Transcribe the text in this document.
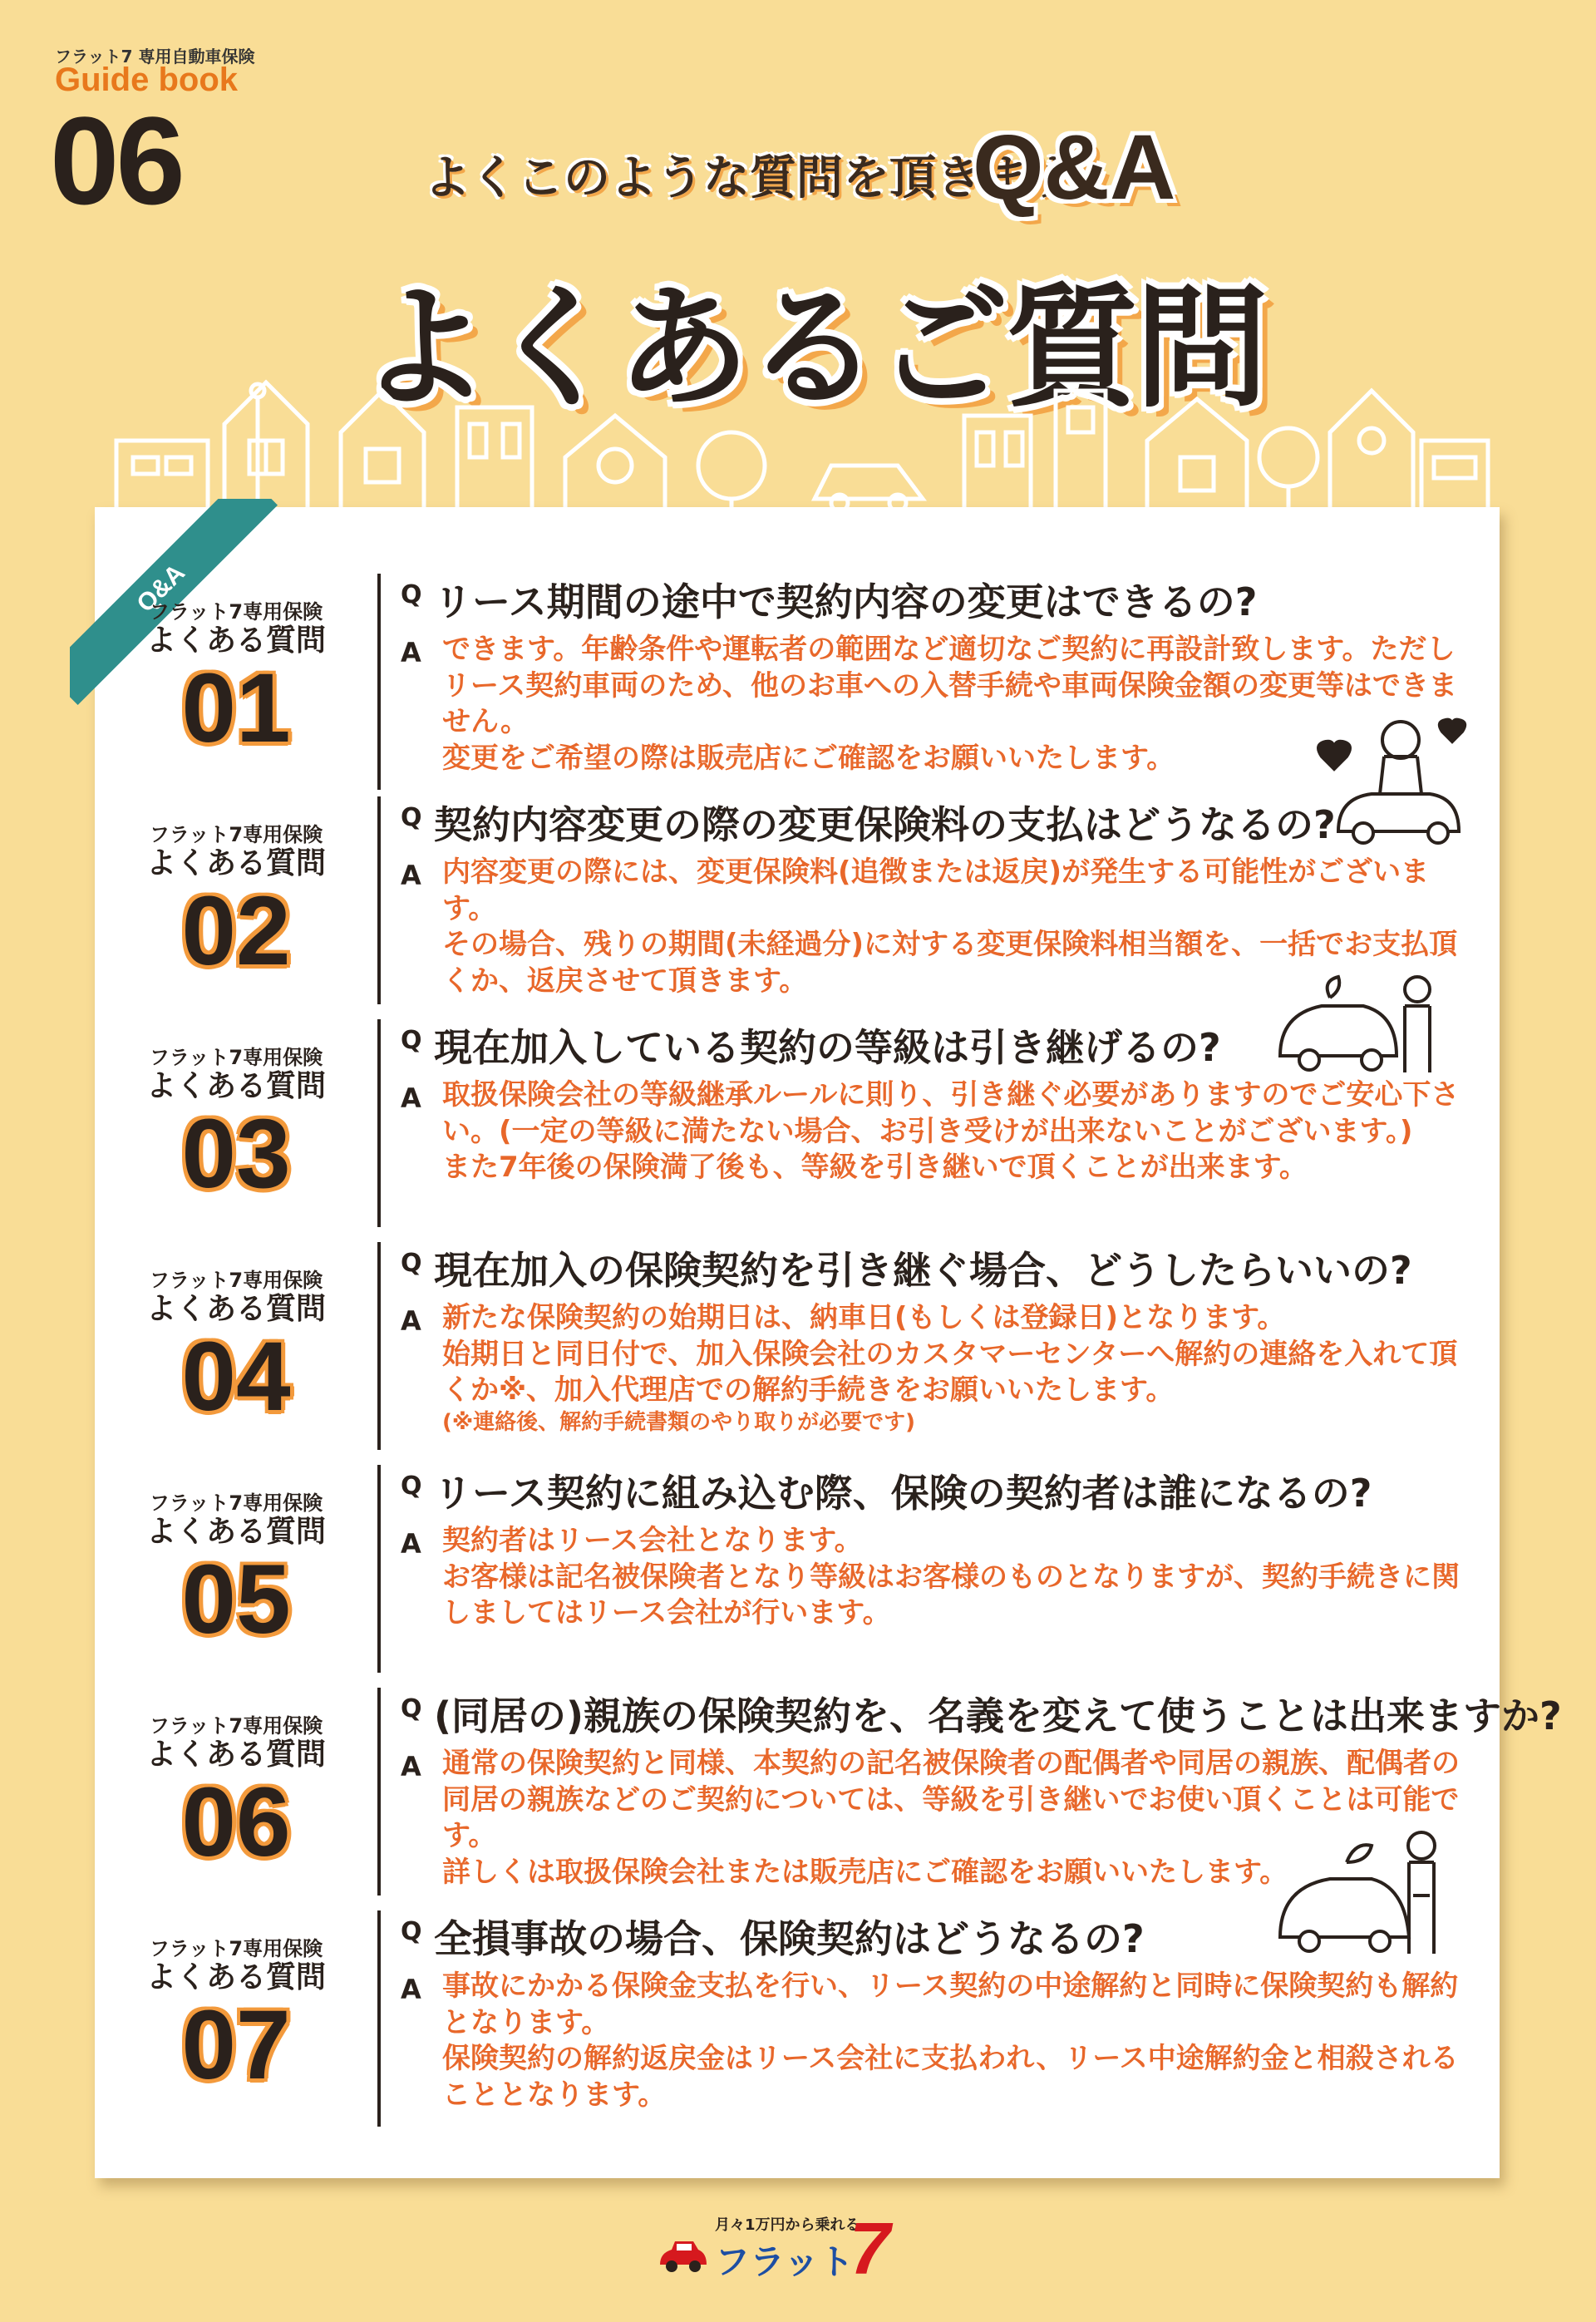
フラット7 専用自動車保険
Guide book
06	よくこのような質問を頂きます
Q&A
よくあるご質問
Q&A
フラット7専用保険
よくある質問
01
Q リース期間の途中で契約内容の変更はできるの?
A できます。年齢条件や運転者の範囲など適切なご契約に再設計致します。ただしリース契約車両のため、他のお車への入替手続や車両保険金額の変更等はできません。

変更をご希望の際は販売店にご確認をお願いいたします。

フラット7専用保険
よくある質問
02
Q 契約内容変更の際の変更保険料の支払はどうなるの?
A 内容変更の際には、変更保険料(追徴または返戻)が発生する可能性がございます。

その場合、残りの期間(未経過分)に対する変更保険料相当額を、一括でお支払頂くか、返戻させて頂きます。

フラット7専用保険
よくある質問
03
Q 現在加入している契約の等級は引き継げるの?
A 取扱保険会社の等級継承ルールに則り、引き継ぐ必要がありますのでご安心下さい。(一定の等級に満たない場合、お引き受けが出来ないことがございます。)

また7年後の保険満了後も、等級を引き継いで頂くことが出来ます。

フラット7専用保険
よくある質問
04
Q 現在加入の保険契約を引き継ぐ場合、どうしたらいいの?
A 新たな保険契約の始期日は、納車日(もしくは登録日)となります。

始期日と同日付で、加入保険会社のカスタマーセンターへ解約の連絡を入れて頂くか※、加入代理店での解約手続きをお願いいたします。

(※連絡後、解約手続書類のやり取りが必要です)

フラット7専用保険
よくある質問
05
Q リース契約に組み込む際、保険の契約者は誰になるの?
A 契約者はリース会社となります。

お客様は記名被保険者となり等級はお客様のものとなりますが、契約手続きに関しましてはリース会社が行います。

フラット7専用保険
よくある質問
06
Q (同居の)親族の保険契約を、名義を変えて使うことは出来ますか?
A 通常の保険契約と同様、本契約の記名被保険者の配偶者や同居の親族、配偶者の同居の親族などのご契約については、等級を引き継いでお使い頂くことは可能です。

詳しくは取扱保険会社または販売店にご確認をお願いいたします。

フラット7専用保険
よくある質問
07
Q 全損事故の場合、保険契約はどうなるの?
A 事故にかかる保険金支払を行い、リース契約の中途解約と同時に保険契約も解約となります。

保険契約の解約返戻金はリース会社に支払われ、リース中途解約金と相殺されることとなります。

月々1万円から乗れる
フラット
7
